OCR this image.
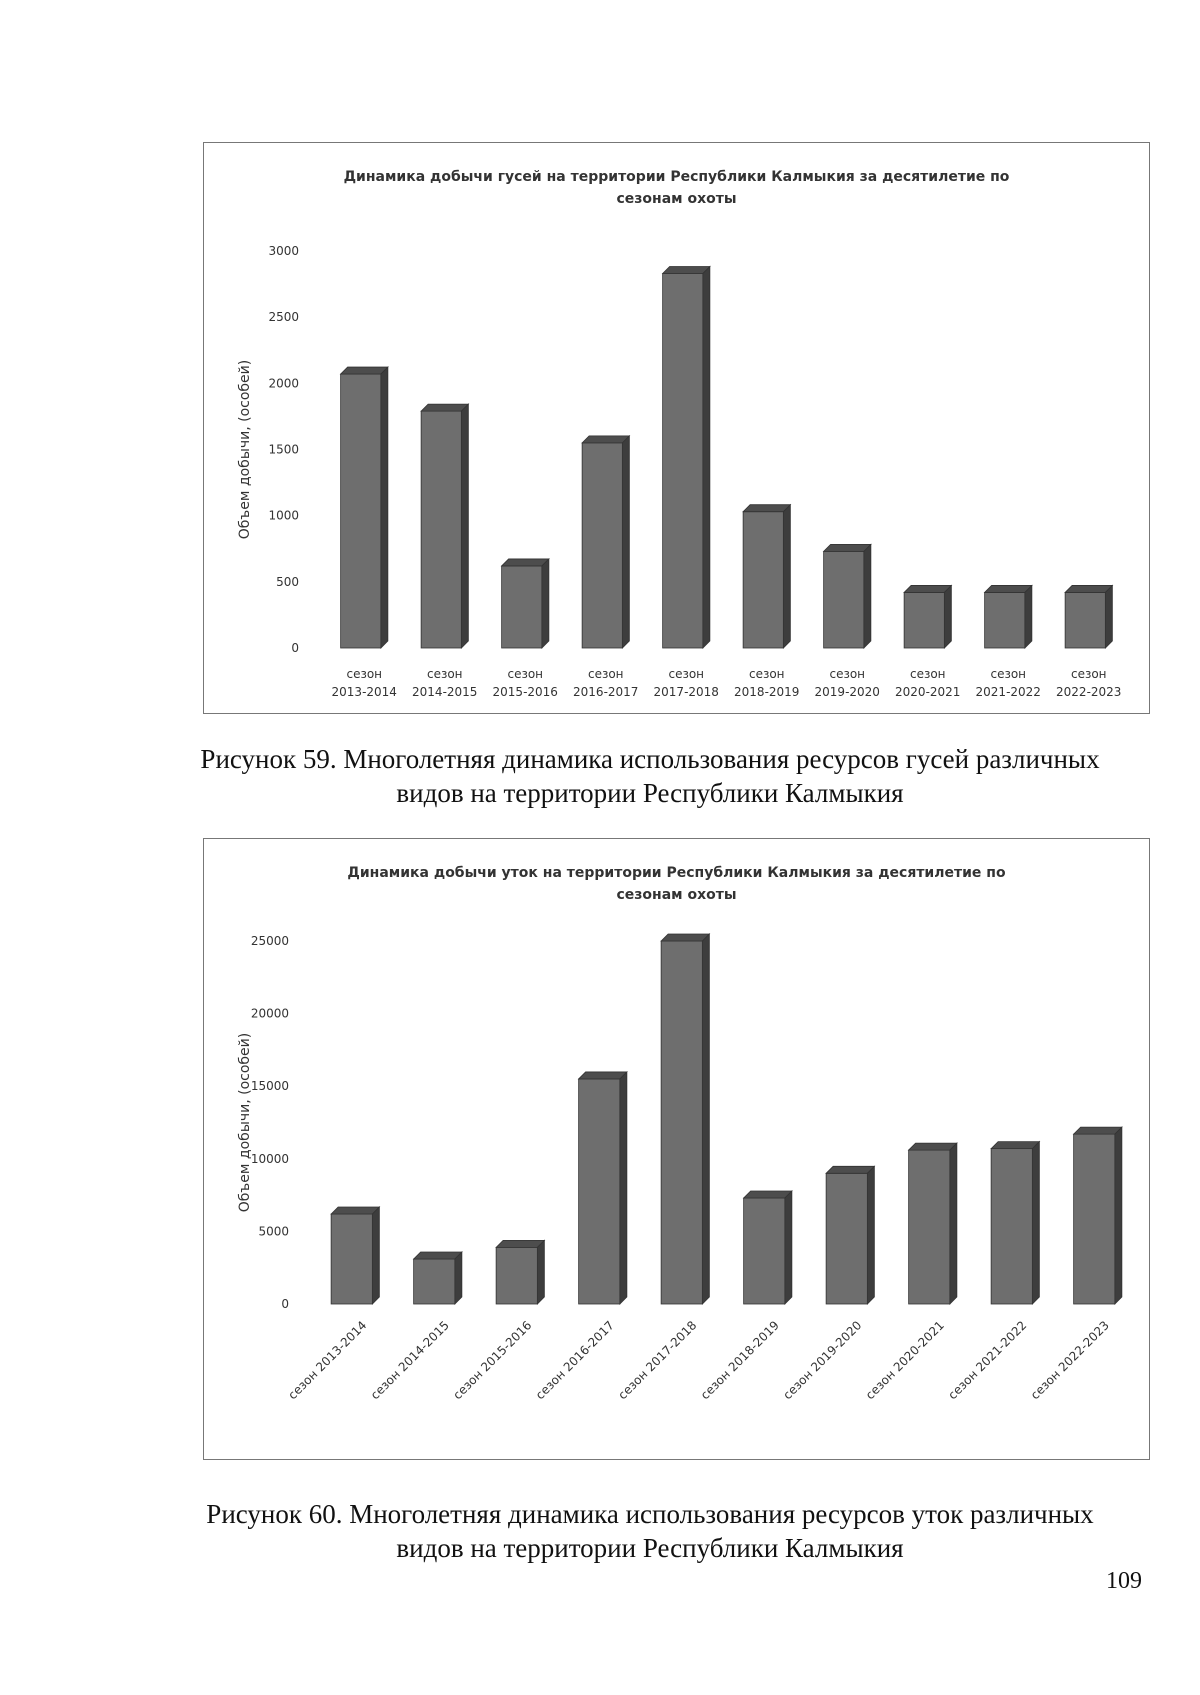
Динамика добычи гусей на территории Республики Калмыкия за десятилетие по
сезонам охоты
Объем добычи, (особей)
0
500
1000
1500
2000
2500
3000
сезон
2013-2014
сезон
2014-2015
сезон
2015-2016
сезон
2016-2017
сезон
2017-2018
сезон
2018-2019
сезон
2019-2020
сезон
2020-2021
сезон
2021-2022
сезон
2022-2023
Рисунок 59. Многолетняя динамика использования ресурсов гусей различных
видов на территории Республики Калмыкия
Динамика добычи уток на территории Республики Калмыкия за десятилетие по
сезонам охоты
Объем добычи, (особей)
0
5000
10000
15000
20000
25000
сезон 2013-2014
сезон 2014-2015
сезон 2015-2016
сезон 2016-2017
сезон 2017-2018
сезон 2018-2019
сезон 2019-2020
сезон 2020-2021
сезон 2021-2022
сезон 2022-2023
Рисунок 60. Многолетняя динамика использования ресурсов уток различных
видов на территории Республики Калмыкия
109
